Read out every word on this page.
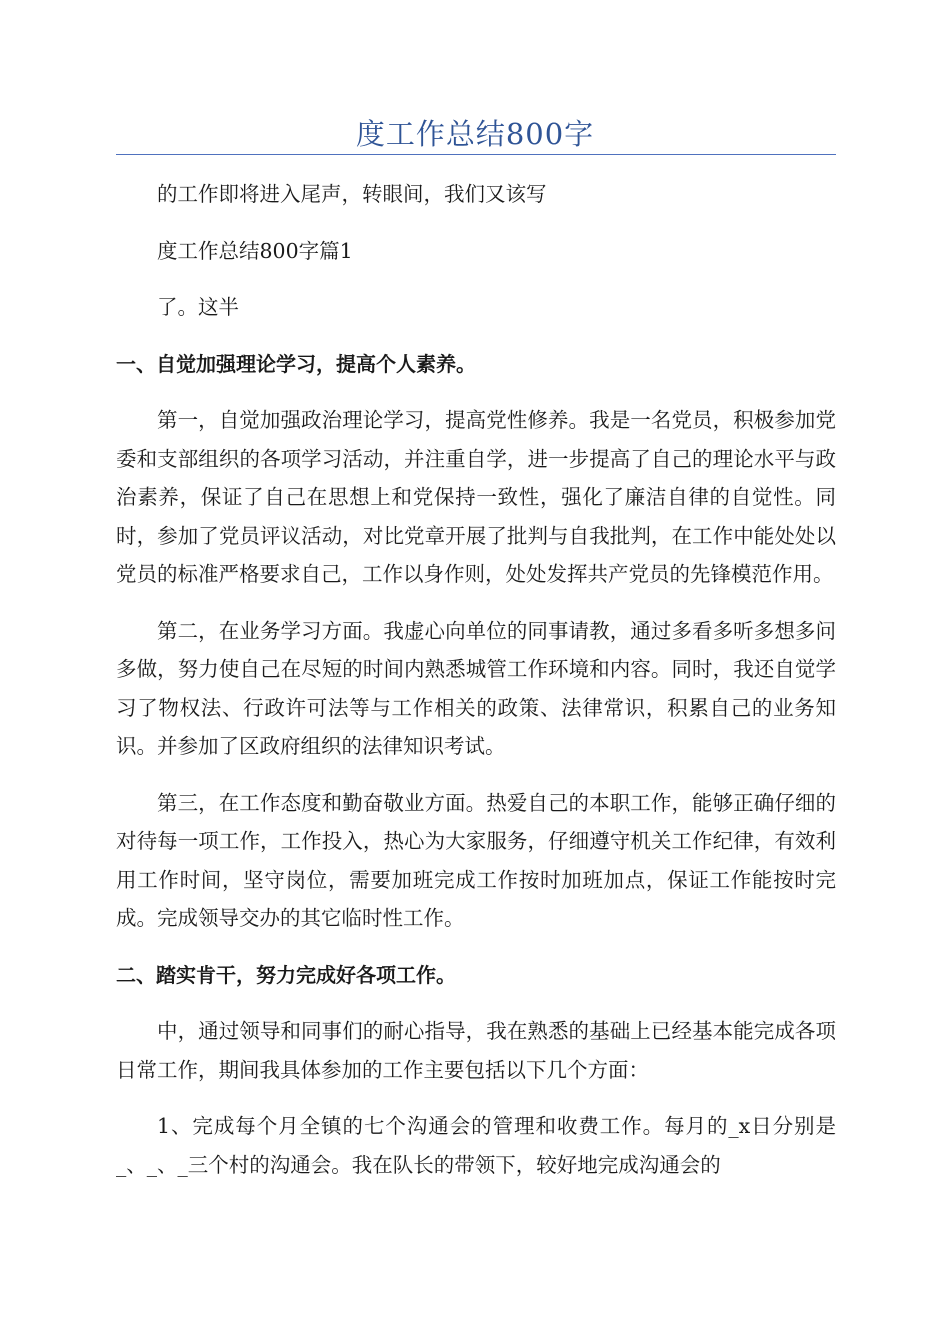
度工作总结800字

的工作即将进入尾声，转眼间，我们又该写

度工作总结800字篇1

了。这半

一、自觉加强理论学习，提高个人素养。

第一，自觉加强政治理论学习，提高党性修养。我是一名党员，积极参加党委和支部组织的各项学习活动，并注重自学，进一步提高了自己的理论水平与政治素养，保证了自己在思想上和党保持一致性，强化了廉洁自律的自觉性。同时，参加了党员评议活动，对比党章开展了批判与自我批判，在工作中能处处以党员的标准严格要求自己，工作以身作则，处处发挥共产党员的先锋模范作用。

第二，在业务学习方面。我虚心向单位的同事请教，通过多看多听多想多问多做，努力使自己在尽短的时间内熟悉城管工作环境和内容。同时，我还自觉学习了物权法、行政许可法等与工作相关的政策、法律常识，积累自己的业务知识。并参加了区政府组织的法律知识考试。

第三，在工作态度和勤奋敬业方面。热爱自己的本职工作，能够正确仔细的对待每一项工作，工作投入，热心为大家服务，仔细遵守机关工作纪律，有效利用工作时间，坚守岗位，需要加班完成工作按时加班加点，保证工作能按时完成。完成领导交办的其它临时性工作。

二、踏实肯干，努力完成好各项工作。

中，通过领导和同事们的耐心指导，我在熟悉的基础上已经基本能完成各项日常工作，期间我具体参加的工作主要包括以下几个方面：

1、完成每个月全镇的七个沟通会的管理和收费工作。每月的_x日分别是_、_、_三个村的沟通会。我在队长的带领下，较好地完成沟通会的
